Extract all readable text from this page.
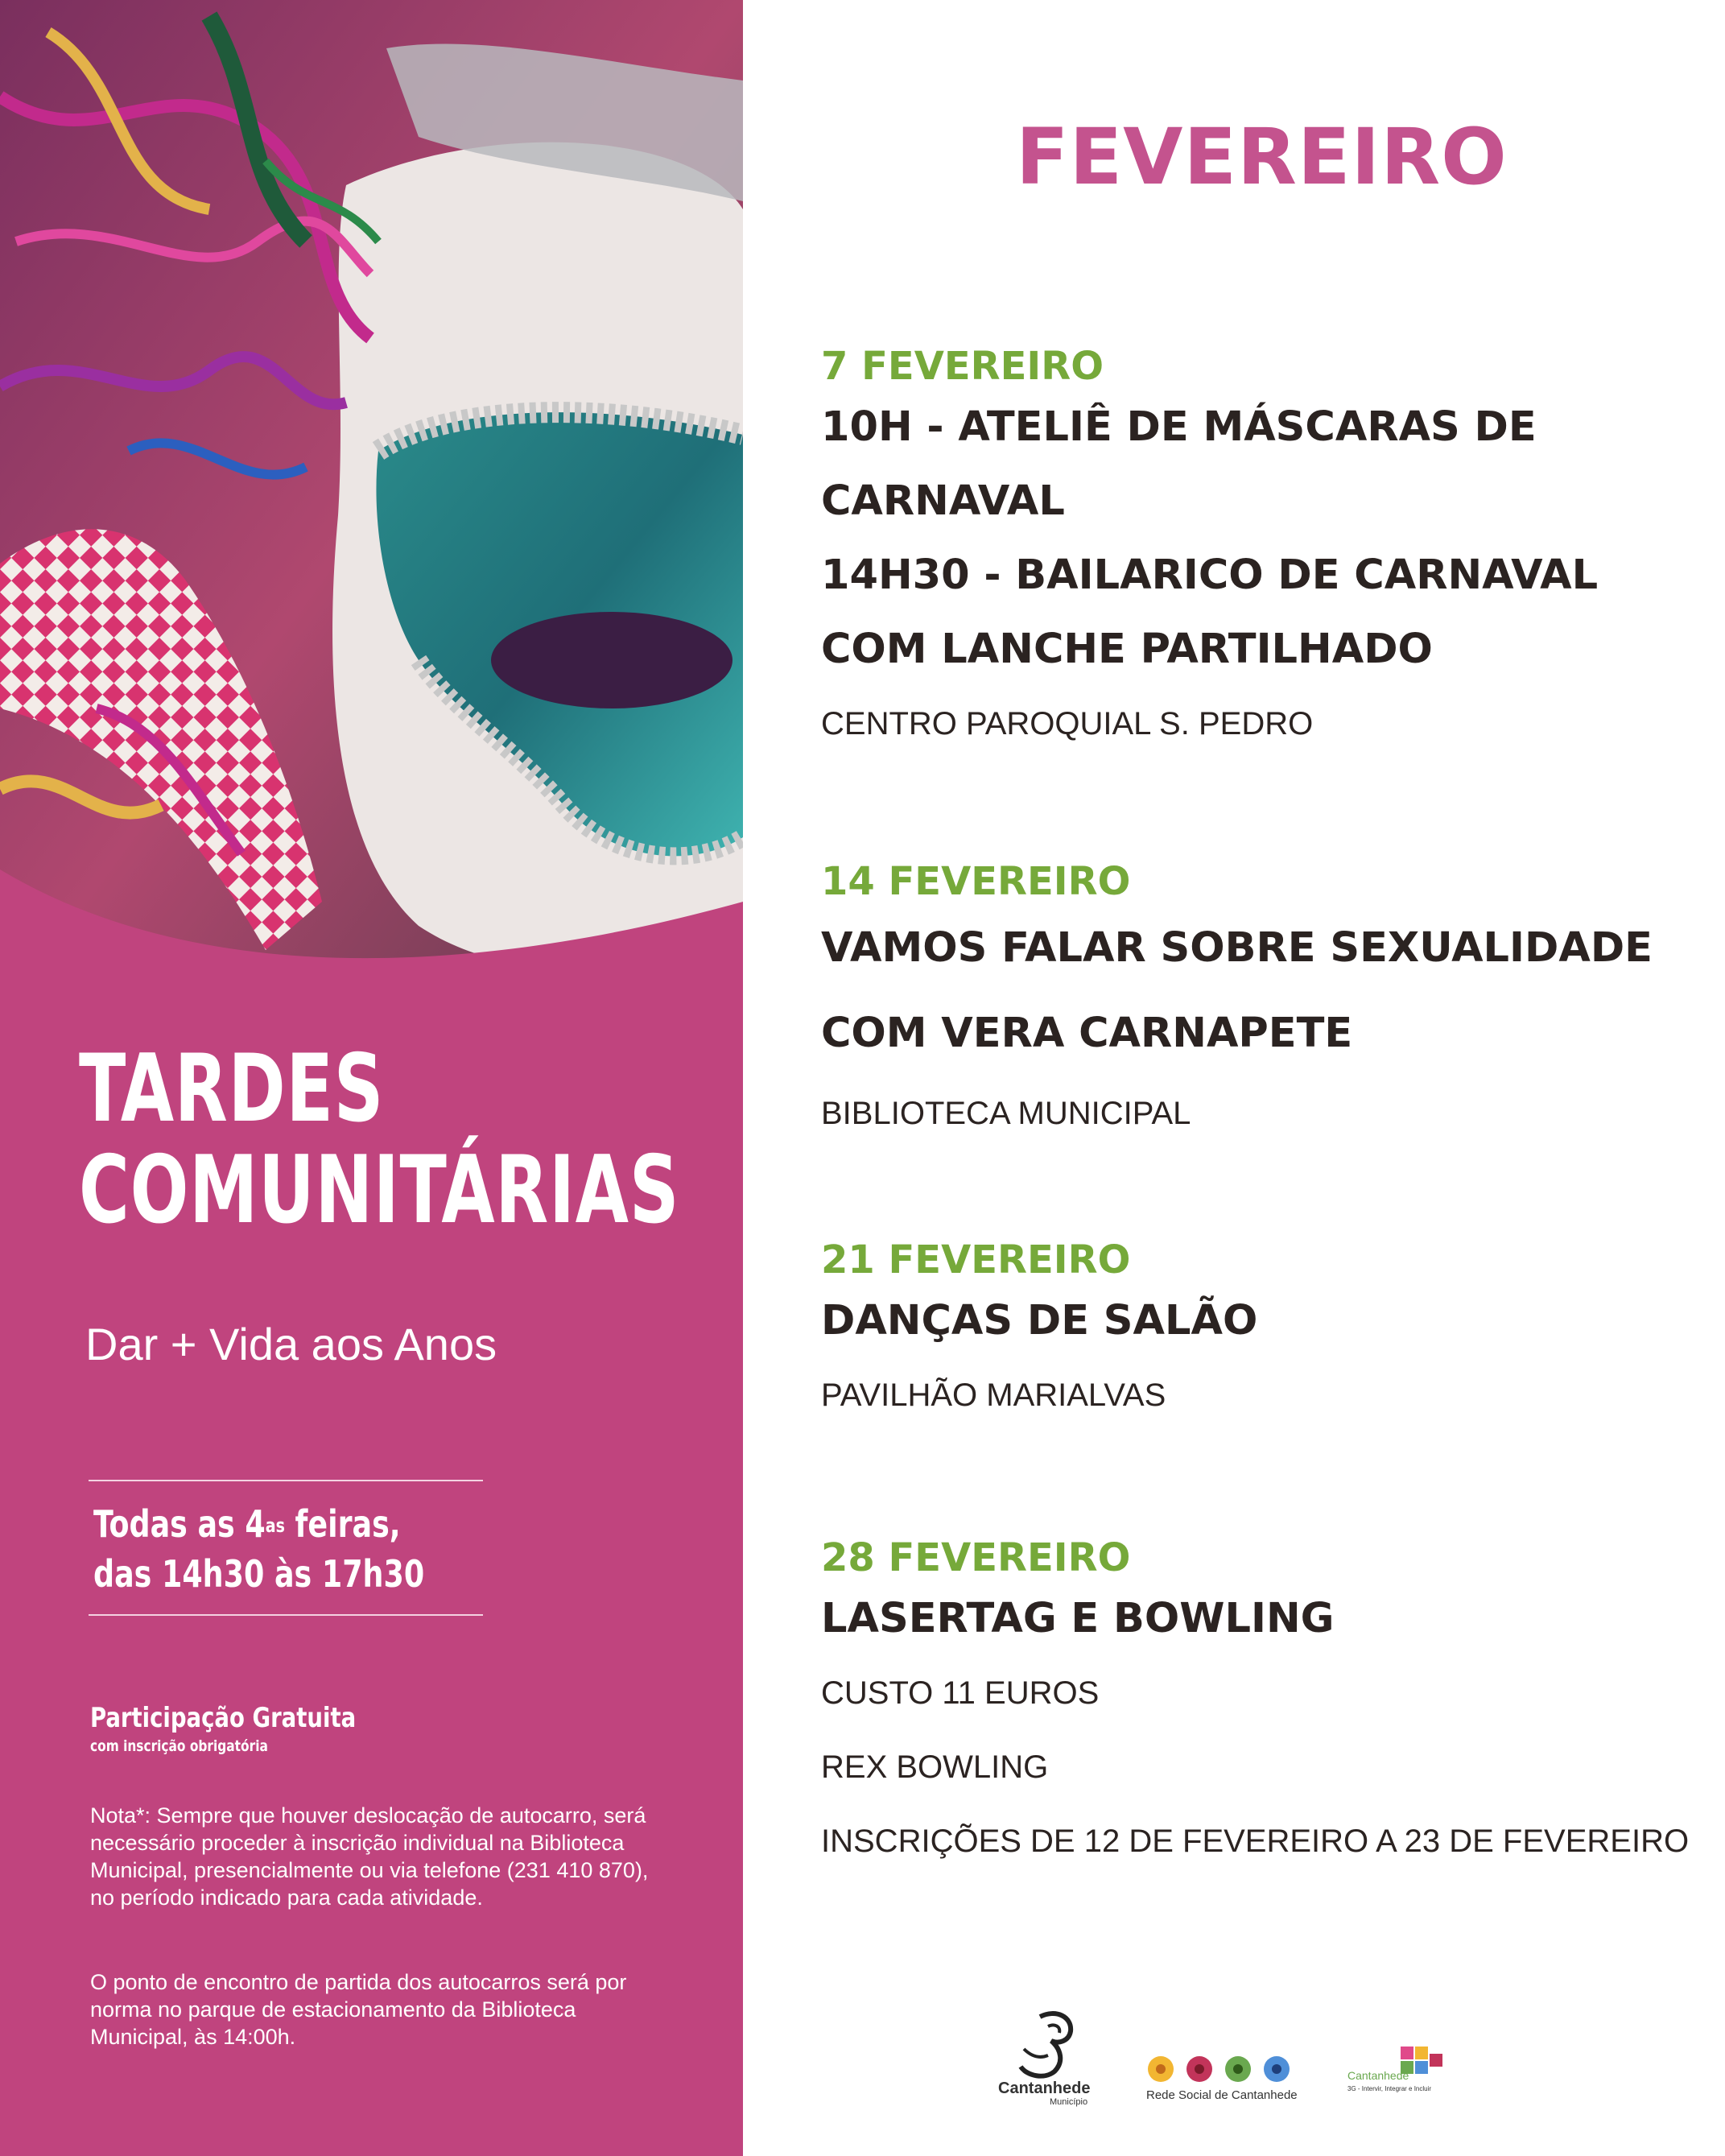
TARDES
COMUNITÁRIAS
Dar + Vida aos Anos
Todas as $4^{as}$ feiras,
das 14h30 às 17h30
Participação Gratuita
com inscrição obrigatória
Nota*: Sempre que houver deslocação de autocarro, será necessário proceder à inscrição individual na Biblioteca Municipal, presencialmente ou via telefone (231 410 870), no período indicado para cada atividade.
O ponto de encontro de partida dos autocarros será por norma no parque de estacionamento da Biblioteca Municipal, às 14:00h.
FEVEREIRO
7 FEVEREIRO
10H - ATELIÊ DE MÁSCARAS DE
CARNAVAL
14H30 - BAILARICO DE CARNAVAL
COM LANCHE PARTILHADO
CENTRO PAROQUIAL S. PEDRO
14 FEVEREIRO
VAMOS FALAR SOBRE SEXUALIDADE
COM VERA CARNAPETE
BIBLIOTECA MUNICIPAL
21 FEVEREIRO
DANÇAS DE SALÃO
PAVILHÃO MARIALVAS
28 FEVEREIRO
LASERTAG E BOWLING
CUSTO 11 EUROS
REX BOWLING
INSCRIÇÕES DE 12 DE FEVEREIRO A 23 DE FEVEREIRO
Cantanhede
Município	Rede Social de Cantanhede
Cantanhede
3G - Intervir, Integrar e Incluir
